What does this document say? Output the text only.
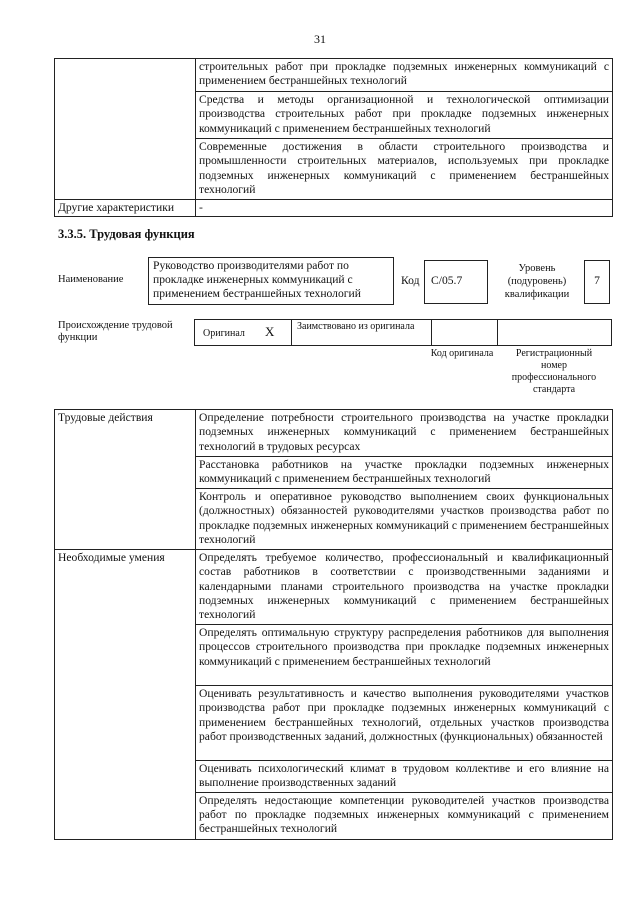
31
	строительных работ при прокладке подземных инженерных коммуникаций с применением бестраншейных технологий
	Средства и методы организационной и технологической оптимизации производства строительных работ при прокладке подземных инженерных коммуникаций с применением бестраншейных технологий
	Современные достижения в области строительного производства и промышленности строительных материалов, используемых при прокладке подземных инженерных коммуникаций с применением бестраншейных технологий
Другие характеристики	-
3.3.5. Трудовая функция
Наименование
Руководство производителями работ по прокладке инженерных коммуникаций с применением бестраншейных технологий
Код С/05.7
Уровень (подуровень) квалификации
7
Происхождение трудовой функции	Оригинал Х Заимствовано из оригинала
Код оригинала	Регистрационный номер профессионального стандарта
Трудовые действия	Определение потребности строительного производства на участке прокладки подземных инженерных коммуникаций с применением бестраншейных технологий в трудовых ресурсах
	Расстановка работников на участке прокладки подземных инженерных коммуникаций с применением бестраншейных технологий
	Контроль и оперативное руководство выполнением своих функциональных (должностных) обязанностей руководителями участков производства работ по прокладке подземных инженерных коммуникаций с применением бестраншейных технологий
Необходимые умения	Определять требуемое количество, профессиональный и квалификационный состав работников в соответствии с производственными заданиями и календарными планами строительного производства на участке прокладки подземных инженерных коммуникаций с применением бестраншейных технологий
	Определять оптимальную структуру распределения работников для выполнения процессов строительного производства при прокладке подземных инженерных коммуникаций с применением бестраншейных технологий
	Оценивать результативность и качество выполнения руководителями участков производства работ при прокладке подземных инженерных коммуникаций с применением бестраншейных технологий, отдельных участков производства работ производственных заданий, должностных (функциональных) обязанностей
	Оценивать психологический климат в трудовом коллективе и его влияние на выполнение производственных заданий
	Определять недостающие компетенции руководителей участков производства работ по прокладке подземных инженерных коммуникаций с применением бестраншейных технологий
